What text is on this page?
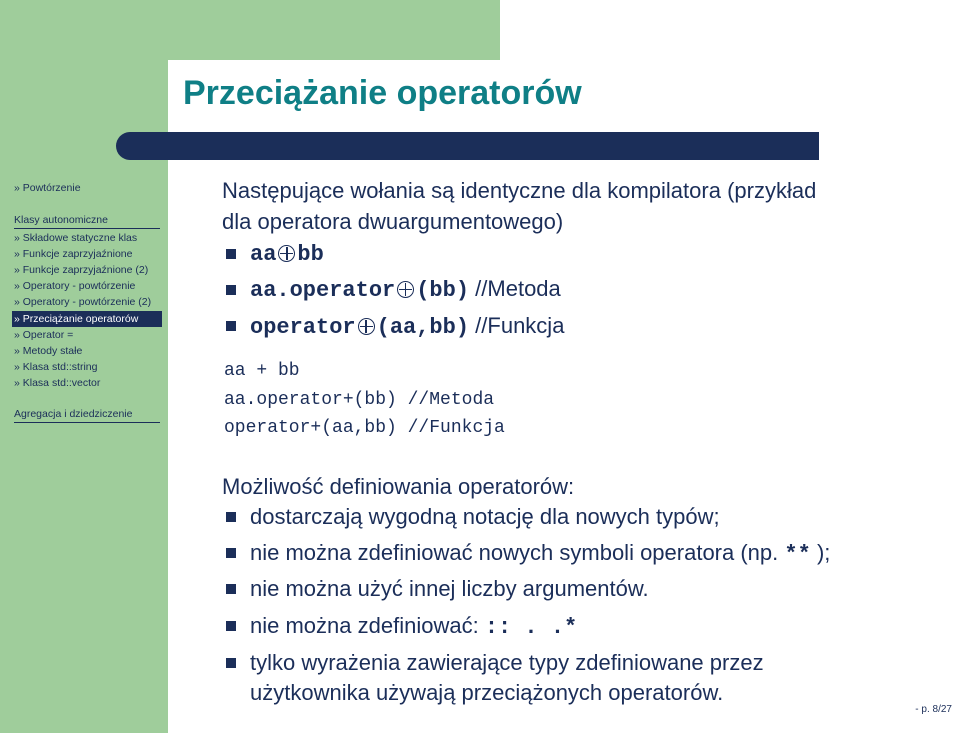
Przeciążanie operatorów
» Powtórzenie
Klasy autonomiczne
» Składowe statyczne klas
» Funkcje zaprzyjaźnione
» Funkcje zaprzyjaźnione (2)
» Operatory - powtórzenie
» Operatory - powtórzenie (2)
» Przeciążanie operatorów
» Operator =
» Metody stałe
» Klasa std::string
» Klasa std::vector
Agregacja i dziedziczenie
Następujące wołania są identyczne dla kompilatora (przykład
dla operatora dwuargumentowego)
aa bb
aa.operator (bb) //Metoda
operator (aa,bb) //Funkcja
aa + bb
aa.operator+(bb) //Metoda
operator+(aa,bb) //Funkcja
Możliwość definiowania operatorów:
dostarczają wygodną notację dla nowych typów;
nie można zdefiniować nowych symboli operatora (np. ** );
nie można użyć innej liczby argumentów.
nie można zdefiniować: :: . .*
tylko wyrażenia zawierające typy zdefiniowane przez
użytkownika używają przeciążonych operatorów.
- p. 8/27
